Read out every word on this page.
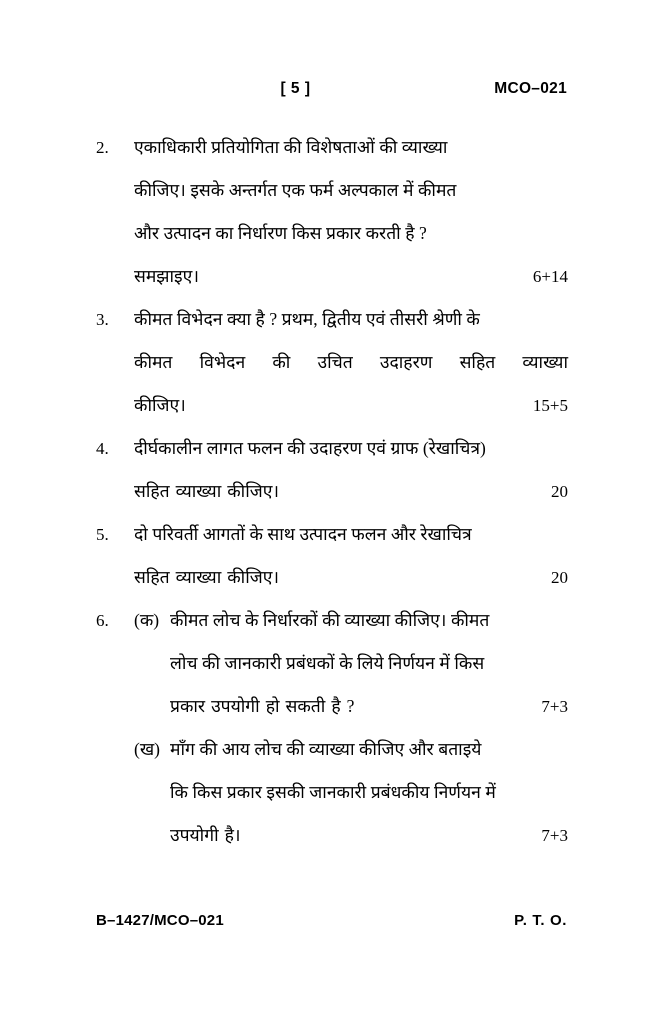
[ 5 ]	MCO–021
2.	एकाधिकारी प्रतियोगिता की विशेषताओं की व्याख्या
कीजिए। इसके अन्तर्गत एक फर्म अल्पकाल में कीमत
और उत्पादन का निर्धारण किस प्रकार करती है ?
समझाइए।	6+14
3.	कीमत विभेदन क्या है ? प्रथम, द्वितीय एवं तीसरी श्रेणी के
कीमत विभेदन की उचित उदाहरण सहित व्याख्या
कीजिए।	15+5
4.	दीर्घकालीन लागत फलन की उदाहरण एवं ग्राफ (रेखाचित्र)
सहित व्याख्या कीजिए।	20
5.	दो परिवर्ती आगतों के साथ उत्पादन फलन और रेखाचित्र
सहित व्याख्या कीजिए।	20
6.	(क) कीमत लोच के निर्धारकों की व्याख्या कीजिए। कीमत
लोच की जानकारी प्रबंधकों के लिये निर्णयन में किस
प्रकार उपयोगी हो सकती है ?	7+3
(ख) माँग की आय लोच की व्याख्या कीजिए और बताइये
कि किस प्रकार इसकी जानकारी प्रबंधकीय निर्णयन में
उपयोगी है।	7+3
B–1427/MCO–021	P. T. O.
